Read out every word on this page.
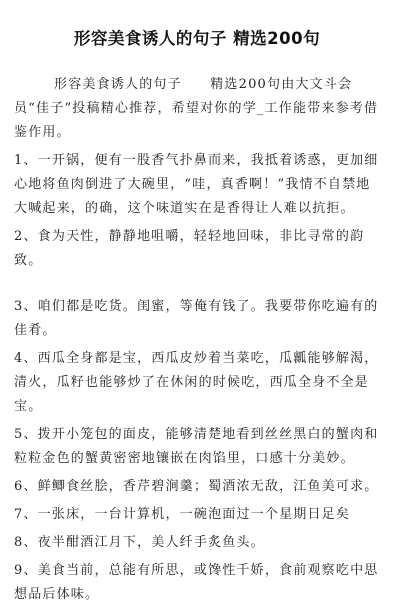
形容美食诱人的句子 精选200句

形容美食诱人的句子　　精选200句由大文斗会员“佳子”投稿精心推荐，希望对你的学_工作能带来参考借鉴作用。

1、一开锅，便有一股香气扑鼻而来，我抵着诱惑，更加细心地将鱼肉倒进了大碗里，“哇，真香啊！”我情不自禁地大喊起来，的确，这个味道实在是香得让人难以抗拒。
2、食为天性，静静地咀嚼，轻轻地回味，非比寻常的韵致。
3、咱们都是吃货。闺蜜，等俺有钱了。我要带你吃遍有的佳肴。
4、西瓜全身都是宝，西瓜皮炒着当菜吃，瓜瓤能够解渴，清火，瓜籽也能够炒了在休闲的时候吃，西瓜全身不全是宝。
5、拨开小笼包的面皮，能够清楚地看到丝丝黑白的蟹肉和粒粒金色的蟹黄密密地镶嵌在肉馅里，口感十分美妙。
6、鲜鲫食丝脍，香芹碧涧羹；蜀酒浓无敌，江鱼美可求。
7、一张床，一台计算机，一碗泡面过一个星期日足矣
8、夜半酣酒江月下，美人纤手炙鱼头。
9、美食当前，总能有所思，或馋性千娇，食前观察吃中思想品后体味。
